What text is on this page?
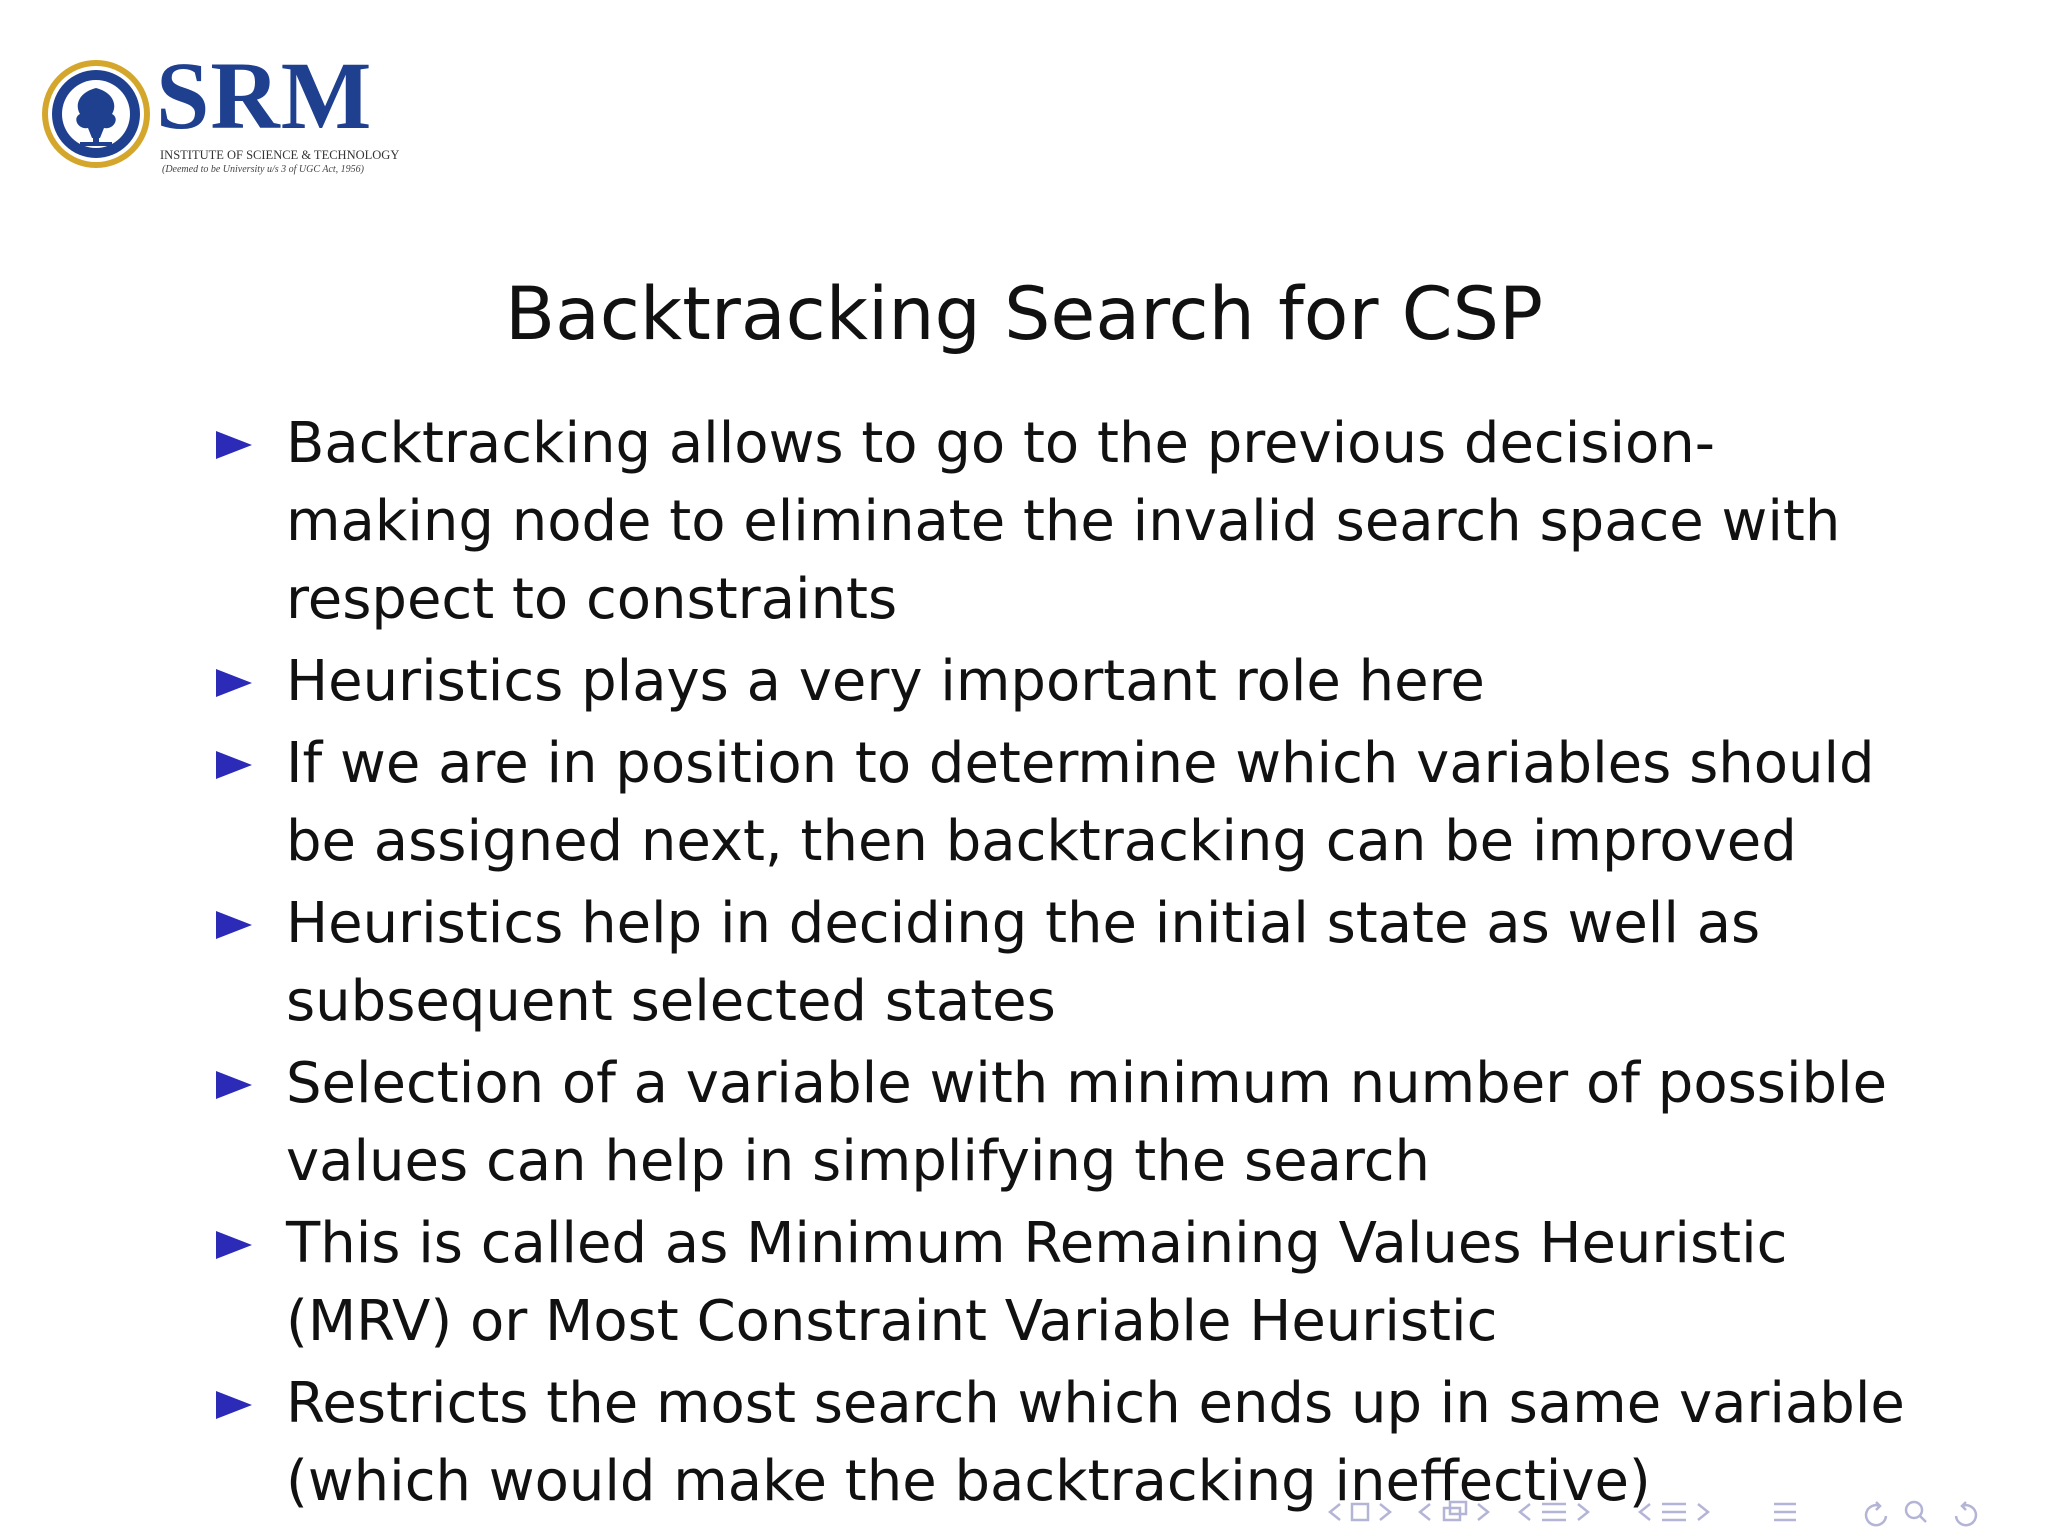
SRM
INSTITUTE OF SCIENCE & TECHNOLOGY
(Deemed to be University u/s 3 of UGC Act, 1956)
Backtracking Search for CSP
Backtracking allows to go to the previous decision-making node to eliminate the invalid search space with respect to constraints
Heuristics plays a very important role here
If we are in position to determine which variables should be assigned next, then backtracking can be improved
Heuristics help in deciding the initial state as well as subsequent selected states
Selection of a variable with minimum number of possible values can help in simplifying the search
This is called as Minimum Remaining Values Heuristic (MRV) or Most Constraint Variable Heuristic
Restricts the most search which ends up in same variable (which would make the backtracking ineffective)
